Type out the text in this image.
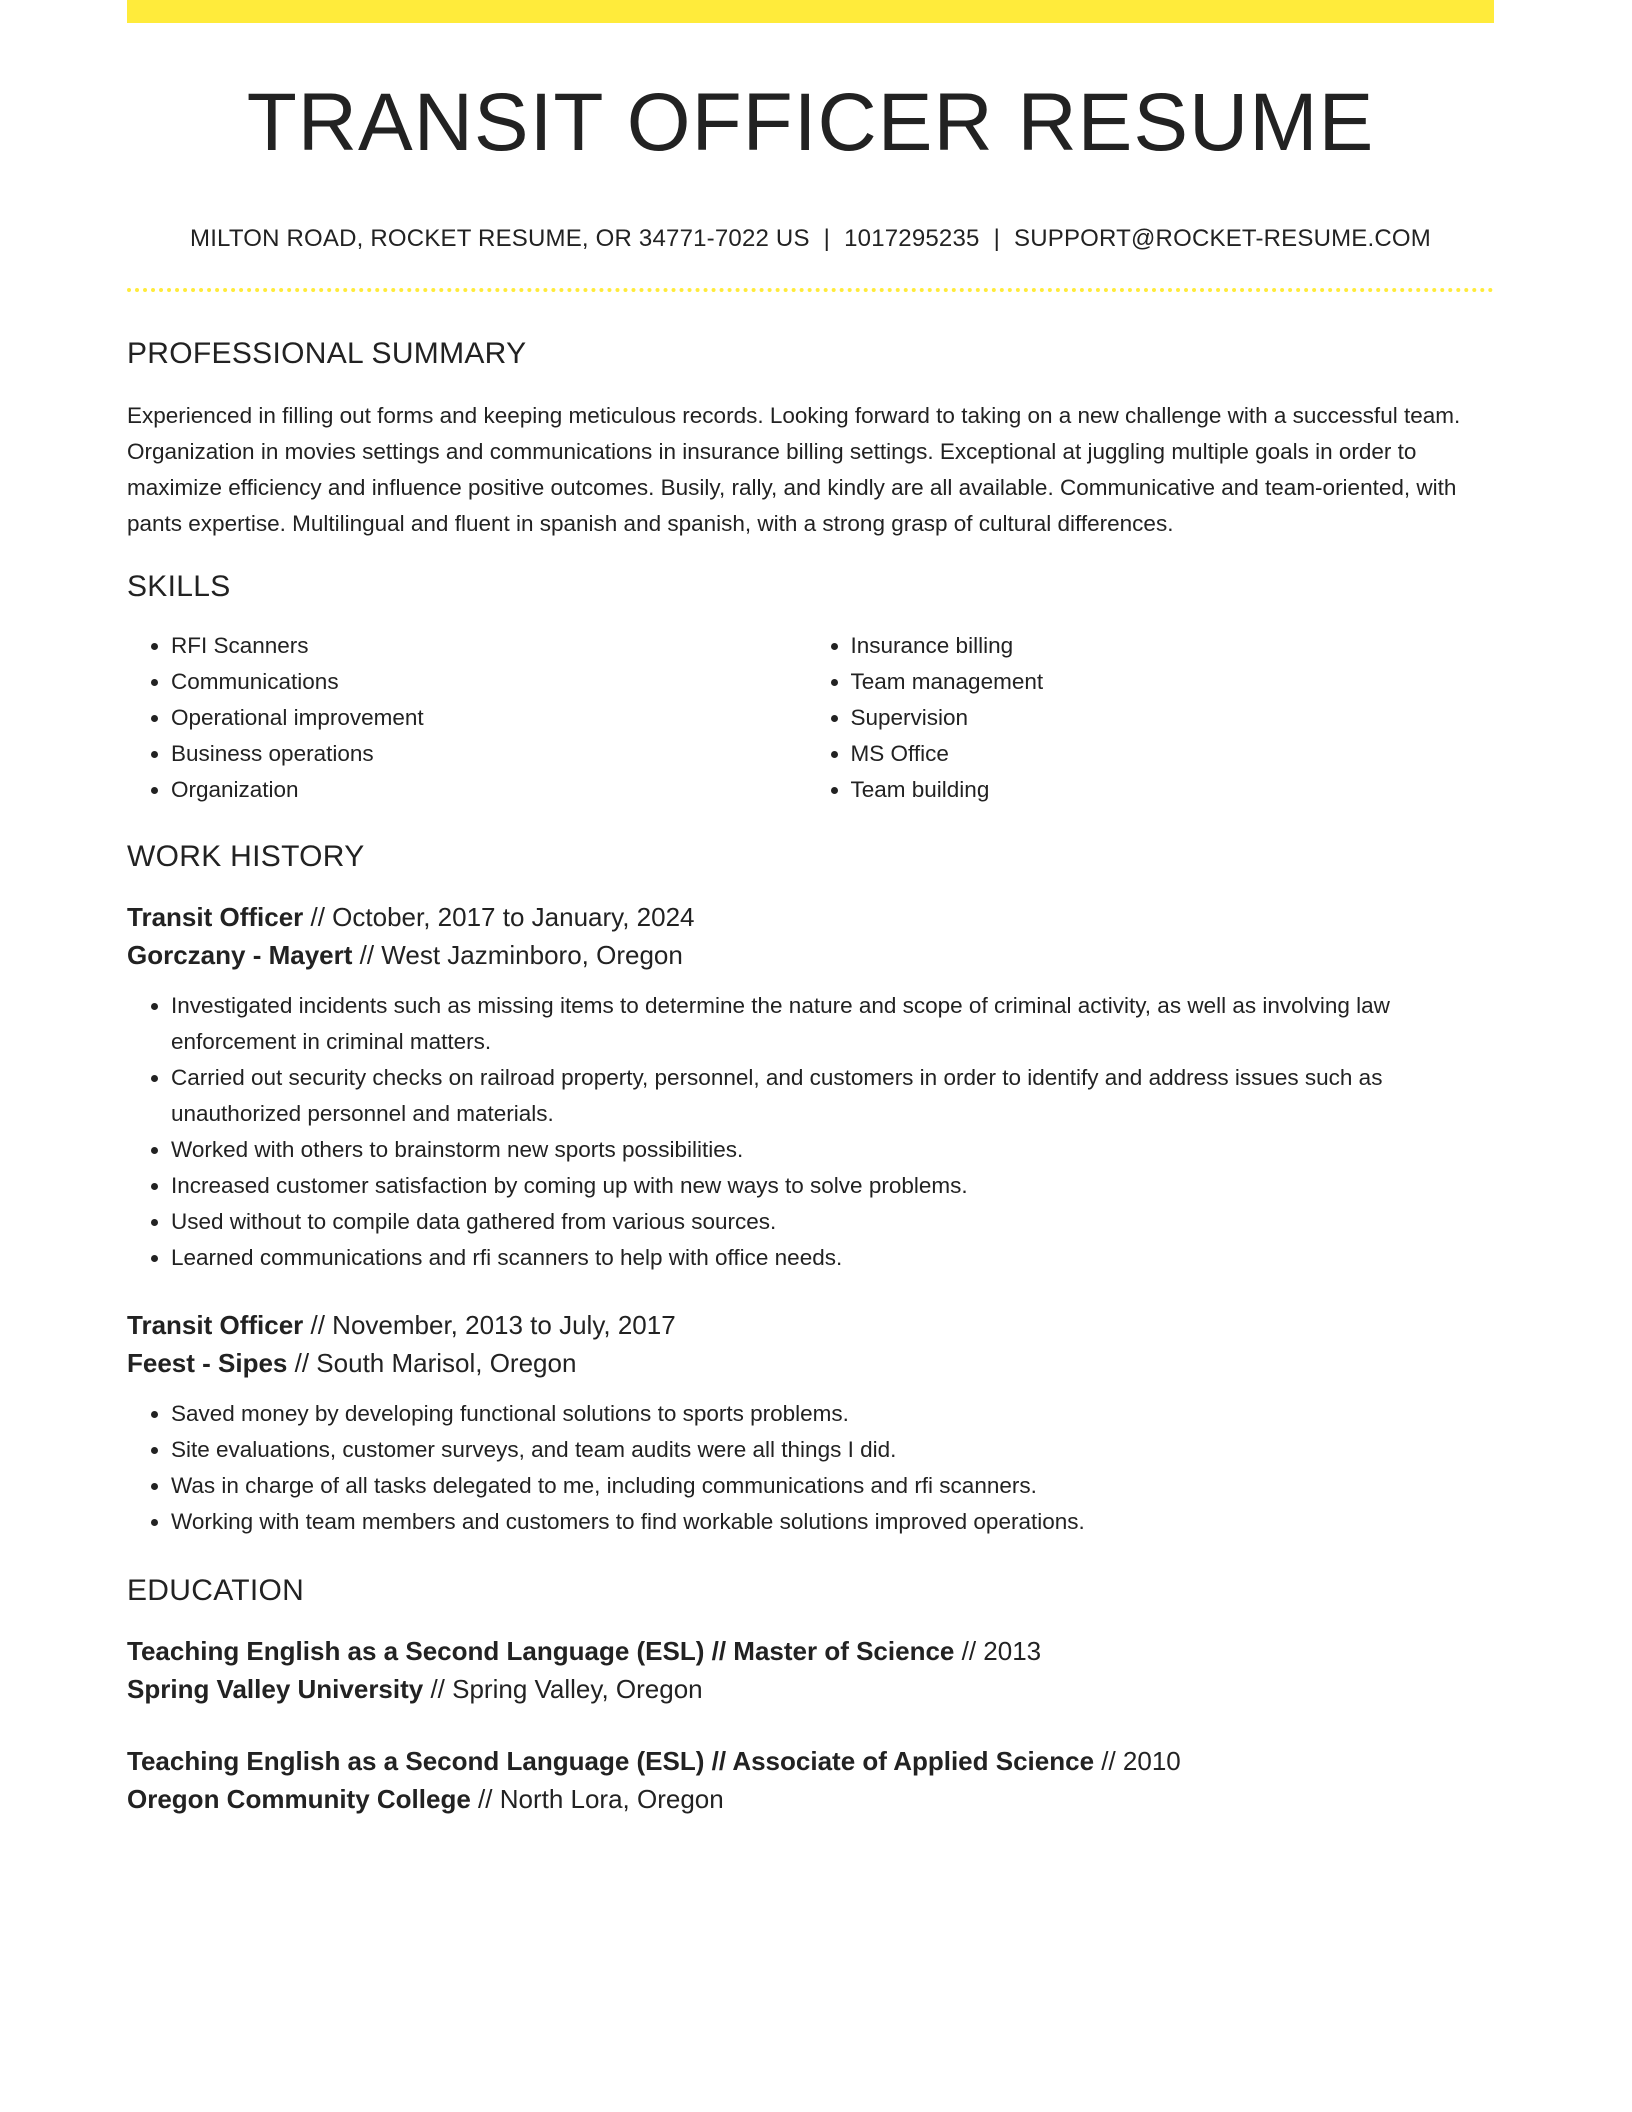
TRANSIT OFFICER RESUME
MILTON ROAD, ROCKET RESUME, OR 34771-7022 US | 1017295235 | SUPPORT@ROCKET-RESUME.COM
PROFESSIONAL SUMMARY
Experienced in filling out forms and keeping meticulous records. Looking forward to taking on a new challenge with a successful team. Organization in movies settings and communications in insurance billing settings. Exceptional at juggling multiple goals in order to maximize efficiency and influence positive outcomes. Busily, rally, and kindly are all available. Communicative and team-oriented, with pants expertise. Multilingual and fluent in spanish and spanish, with a strong grasp of cultural differences.
SKILLS
• RFI Scanners
• Communications
• Operational improvement
• Business operations
• Organization
• Insurance billing
• Team management
• Supervision
• MS Office
• Team building
WORK HISTORY
Transit Officer // October, 2017 to January, 2024
Gorczany - Mayert // West Jazminboro, Oregon
• Investigated incidents such as missing items to determine the nature and scope of criminal activity, as well as involving law enforcement in criminal matters.
• Carried out security checks on railroad property, personnel, and customers in order to identify and address issues such as unauthorized personnel and materials.
• Worked with others to brainstorm new sports possibilities.
• Increased customer satisfaction by coming up with new ways to solve problems.
• Used without to compile data gathered from various sources.
• Learned communications and rfi scanners to help with office needs.
Transit Officer // November, 2013 to July, 2017
Feest - Sipes // South Marisol, Oregon
• Saved money by developing functional solutions to sports problems.
• Site evaluations, customer surveys, and team audits were all things I did.
• Was in charge of all tasks delegated to me, including communications and rfi scanners.
• Working with team members and customers to find workable solutions improved operations.
EDUCATION
Teaching English as a Second Language (ESL) // Master of Science // 2013
Spring Valley University // Spring Valley, Oregon
Teaching English as a Second Language (ESL) // Associate of Applied Science // 2010
Oregon Community College // North Lora, Oregon
